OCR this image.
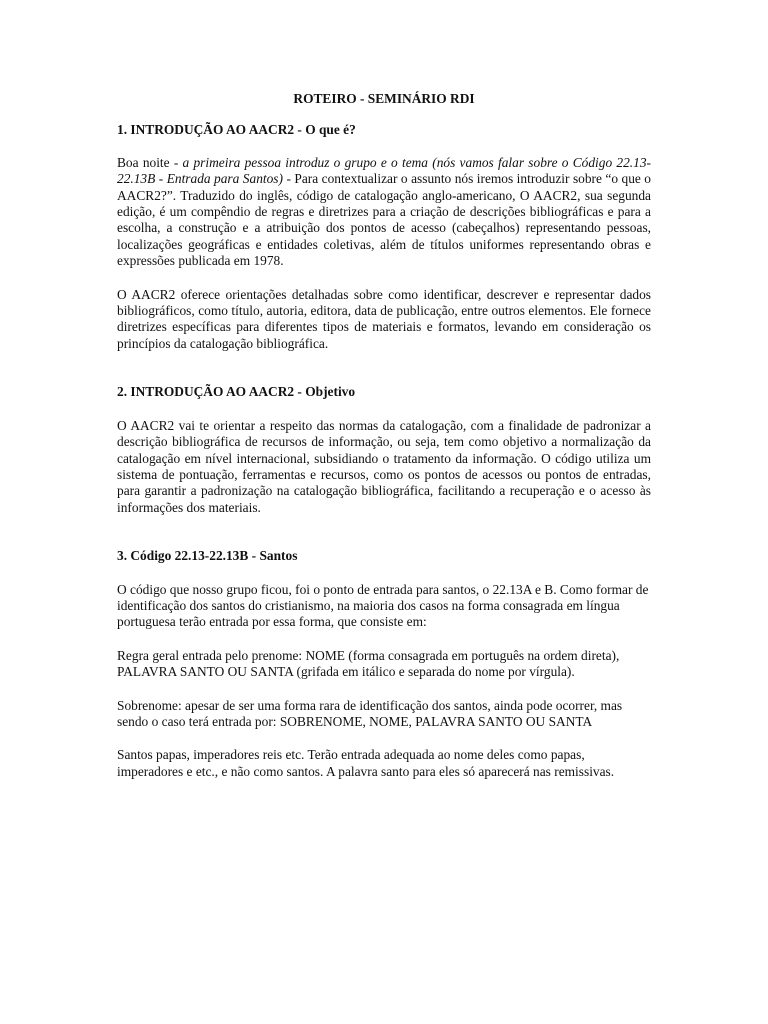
ROTEIRO - SEMINÁRIO RDI
1. INTRODUÇÃO AO AACR2 - O que é?

Boa noite - a primeira pessoa introduz o grupo e o tema (nós vamos falar sobre o Código 22.13-22.13B - Entrada para Santos) - Para contextualizar o assunto nós iremos introduzir sobre “o que o AACR2?”. Traduzido do inglês, código de catalogação anglo-americano, O AACR2, sua segunda edição, é um compêndio de regras e diretrizes para a criação de descrições bibliográficas e para a escolha, a construção e a atribuição dos pontos de acesso (cabeçalhos) representando pessoas, localizações geográficas e entidades coletivas, além de títulos uniformes representando obras e expressões publicada em 1978.

O AACR2 oferece orientações detalhadas sobre como identificar, descrever e representar dados bibliográficos, como título, autoria, editora, data de publicação, entre outros elementos. Ele fornece diretrizes específicas para diferentes tipos de materiais e formatos, levando em consideração os princípios da catalogação bibliográfica.

2. INTRODUÇÃO AO AACR2 - Objetivo

O AACR2 vai te orientar a respeito das normas da catalogação, com a finalidade de padronizar a descrição bibliográfica de recursos de informação, ou seja, tem como objetivo a normalização da catalogação em nível internacional, subsidiando o tratamento da informação. O código utiliza um sistema de pontuação, ferramentas e recursos, como os pontos de acessos ou pontos de entradas, para garantir a padronização na catalogação bibliográfica, facilitando a recuperação e o acesso às informações dos materiais.

3. Código 22.13-22.13B - Santos

O código que nosso grupo ficou, foi o ponto de entrada para santos, o 22.13A e B. Como formar de identificação dos santos do cristianismo, na maioria dos casos na forma consagrada em língua portuguesa terão entrada por essa forma, que consiste em:

Regra geral entrada pelo prenome: NOME (forma consagrada em português na ordem direta), PALAVRA SANTO OU SANTA (grifada em itálico e separada do nome por vírgula).

Sobrenome: apesar de ser uma forma rara de identificação dos santos, ainda pode ocorrer, mas sendo o caso terá entrada por: SOBRENOME, NOME, PALAVRA SANTO OU SANTA

Santos papas, imperadores reis etc. Terão entrada adequada ao nome deles como papas, imperadores e etc., e não como santos. A palavra santo para eles só aparecerá nas remissivas.
